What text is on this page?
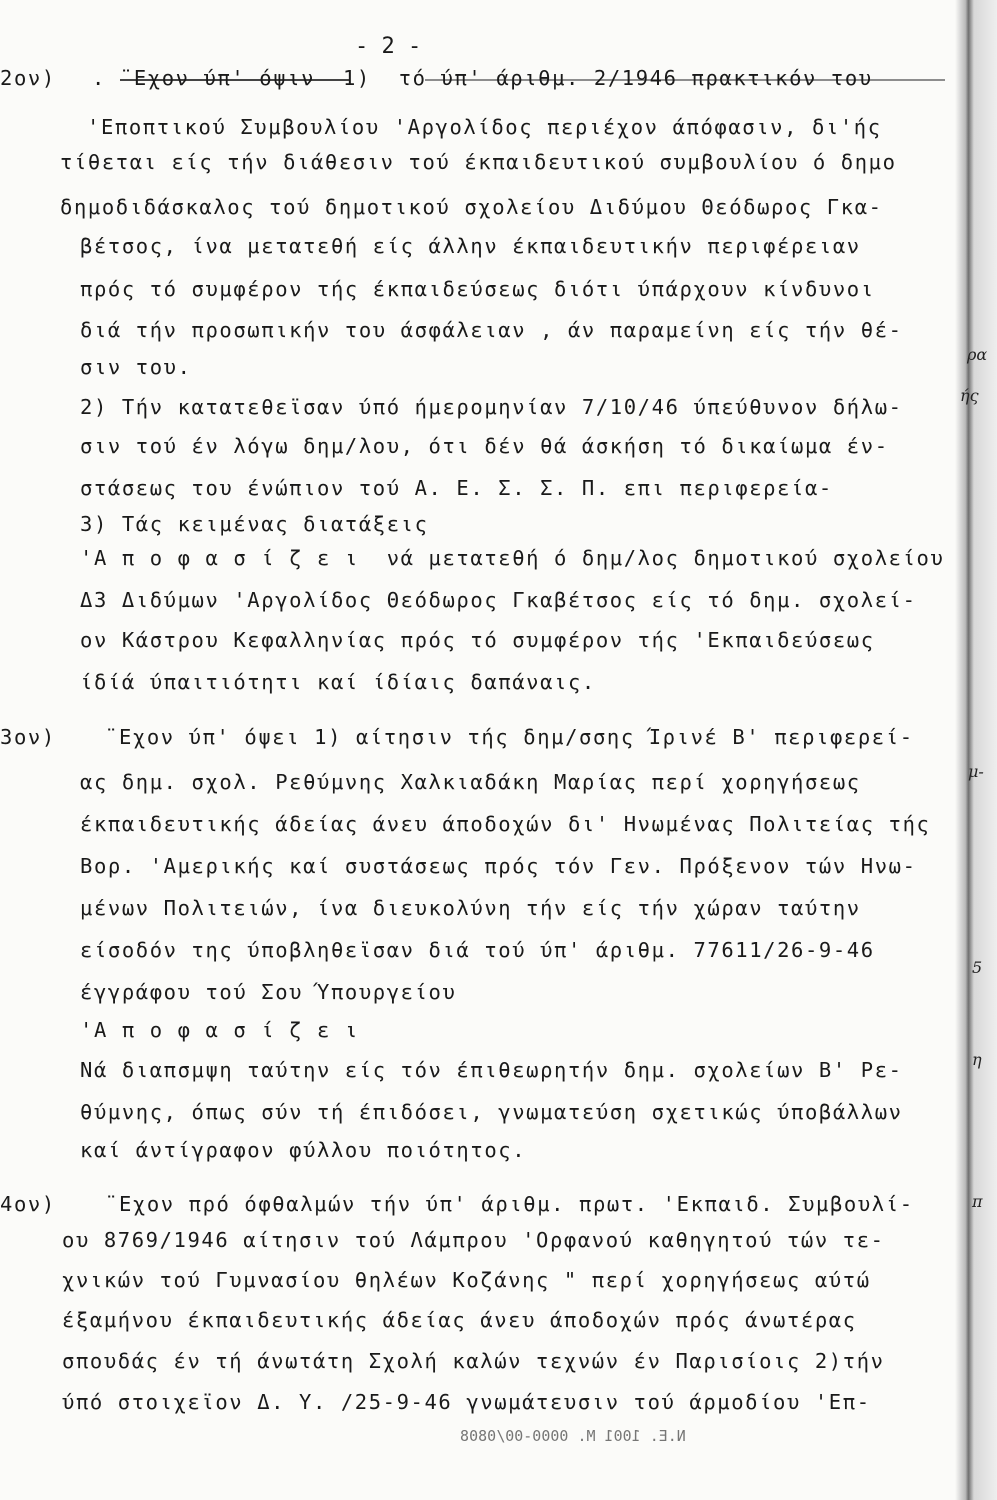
- 2 -

2ον) . ¨Εχον ύπ' όψιν  1)  τό ύπ' άριθμ. 2/1946 πρακτικόν του
'Εποπτικού Συμβουλίου 'Αργολίδος περιέχον άπόφασιν, δι'ής
τίθεται είς τήν διάθεσιν τού έκπαιδευτικού συμβουλίου ό δημο
δημοδιδάσκαλος τού δημοτικού σχολείου Διδύμου Θεόδωρος Γκα-
βέτσος, ίνα μετατεθή είς άλλην έκπαιδευτικήν περιφέρειαν
πρός τό συμφέρον τής έκπαιδεύσεως διότι ύπάρχουν κίνδυνοι
διά τήν προσωπικήν του άσφάλειαν , άν παραμείνη είς τήν θέ-
σιν του.
2) Τήν κατατεθεϊσαν ύπό ήμερομηνίαν 7/10/46 ύπεύθυνον δήλω-
σιν τού έν λόγω δημ/λου, ότι δέν θά άσκήση τό δικαίωμα έν-
στάσεως του ένώπιον τού Α. Ε. Σ. Σ. Π. επι περιφερεία-
3) Τάς κειμένας διατάξεις
'Α π ο φ α σ ί ζ ε ι  νά μετατεθή ό δημ/λος δημοτικού σχολείου
Δ3 Διδύμων 'Αργολίδος Θεόδωρος Γκαβέτσος είς τό δημ. σχολεί-
ον Κάστρου Κεφαλληνίας πρός τό συμφέρον τής 'Εκπαιδεύσεως
ίδίά ύπαιτιότητι καί ίδίαις δαπάναις.
3ον) ¨Εχον ύπ' όψει 1) αίτησιν τής δημ/σσης Ίρινέ Β' περιφερεί-
ας δημ. σχολ. Ρεθύμνης Χαλκιαδάκη Μαρίας περί χορηγήσεως
έκπαιδευτικής άδείας άνευ άποδοχών δι' Ηνωμένας Πολιτείας τής
Βορ. 'Αμερικής καί συστάσεως πρός τόν Γεν. Πρόξενον τών Ηνω-
μένων Πολιτειών, ίνα διευκολύνη τήν είς τήν χώραν ταύτην
είσοδόν της ύποβληθεϊσαν διά τού ύπ' άριθμ. 77611/26-9-46
έγγράφου τού Σου Ύπουργείου
'Α π ο φ α σ ί ζ ε ι
Νά διαπσμψη ταύτην είς τόν έπιθεωρητήν δημ. σχολείων Β' Ρε-
θύμνης, όπως σύν τή έπιδόσει, γνωματεύση σχετικώς ύποβάλλων
καί άντίγραφον φύλλου ποιότητος.
4ον) ¨Εχον πρό όφθαλμών τήν ύπ' άριθμ. πρωτ. 'Εκπαιδ. Συμβουλί-
ου 8769/1946 αίτησιν τού Λάμπρου 'Ορφανού καθηγητού τών τε-
χνικών τού Γυμνασίου θηλέων Κοζάνης " περί χορηγήσεως αύτώ
έξαμήνου έκπαιδευτικής άδείας άνευ άποδοχών πρός άνωτέρας
σπουδάς έν τή άνωτάτη Σχολή καλών τεχνών έν Παρισίοις 2)τήν
ύπό στοιχεϊον Δ. Υ. /25-9-46 γνωμάτευσιν τού άρμοδίου 'Επ-
ρα
ής
μ-
5
η
π
Ν.Ε. 1001 M. 0000-00/0808
